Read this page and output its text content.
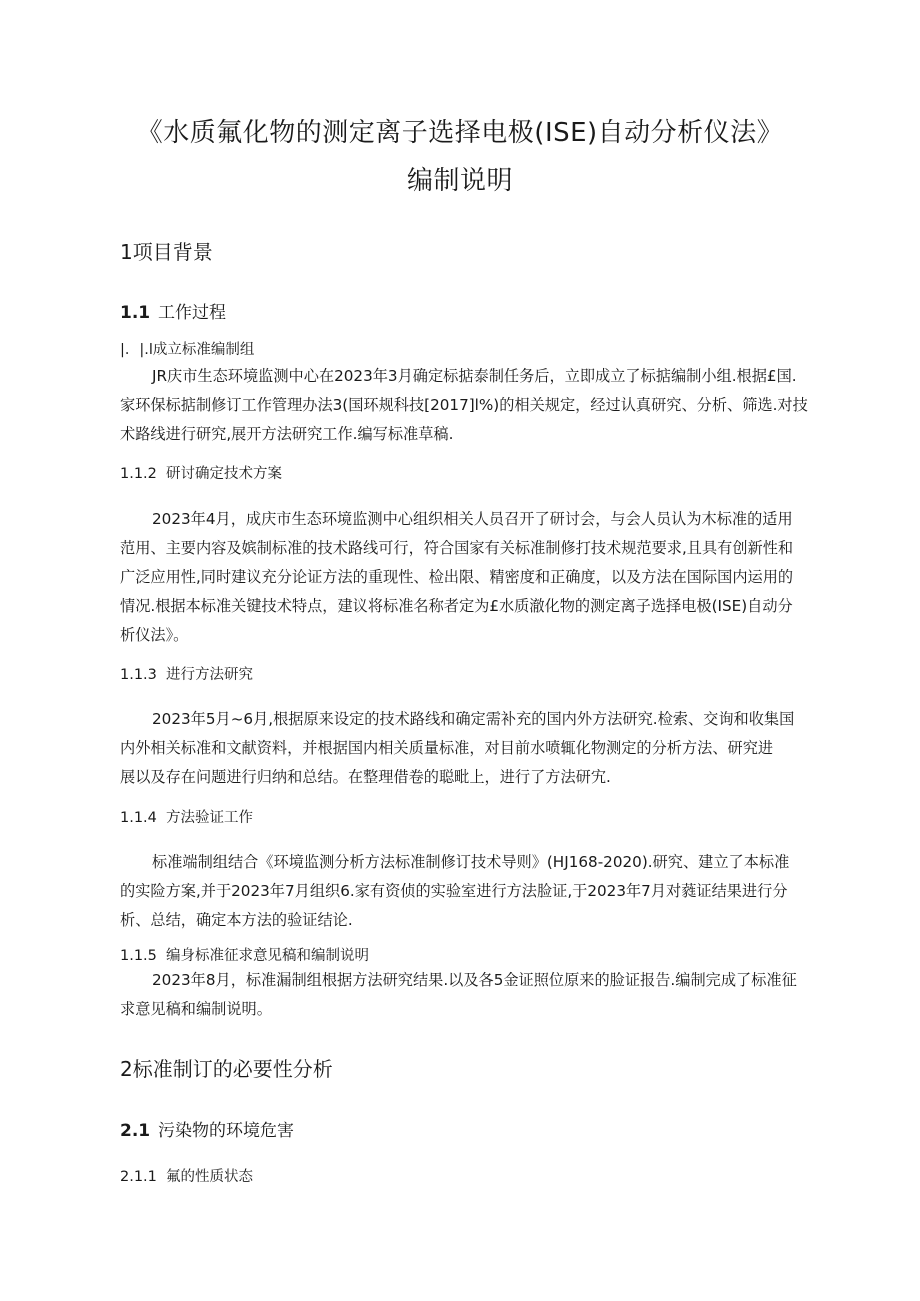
《水质氟化物的测定离子选择电极(ISE)自动分析仪法》
编制说明
1项目背景
1.1 工作过程
|．|.l成立标准编制组
JR庆市生态环境监测中心在2023年3月确定标掂泰制任务后，立即成立了标掂编制小组.根据£国.
家环保标掂制修订工作管理办法3(国环规科技[2017]l%)的相关规定，经过认真研究、分析、筛选.对技
术路线进行研究,展开方法研究工作.编写标准草稿.
1.1.2 研讨确定技术方案
2023年4月，成庆市生态环境监测中心组织相关人员召开了研讨会，与会人员认为木标准的适用
范用、主要内容及嫔制标准的技术路线可行，符合国家有关标准制修打技术规范要求,且具有创新性和
广泛应用性,同时建议充分论证方法的重现性、检出限、精密度和正确度，以及方法在国际国内运用的
情况.根据本标准关键技术特点，建议将标准名称者定为£水质澈化物的测定离子选择电极(ISE)自动分
析仪法》。
1.1.3 进行方法研究
2023年5月~6月,根据原来设定的技术路线和确定需补充的国内外方法研究.检索、交询和收集国
内外相关标准和文献资料，并根据国内相关质量标准，对目前水喷辄化物测定的分析方法、研究进
展以及存在问题进行归纳和总结。在整理借卷的聪毗上，进行了方法研宄.
1.1.4 方法验证工作
标准端制组结合《环境监测分析方法标准制修订技术导则》(HJ168-2020).研究、建立了本标准
的实险方案,并于2023年7月组织6.家有资侦的实验室进行方法脸证,于2023年7月对蕤证结果进行分
析、总结，确定本方法的验证结论.
1.1.5 编身标准征求意见稿和编制说明
2023年8月，标准漏制组根据方法研究结果.以及各5金证照位原来的脸证报告.编制完成了标准征
求意见稿和编制说明。
2标准制订的必要性分析
2.1 污染物的环境危害
2.1.1 氟的性质状态
